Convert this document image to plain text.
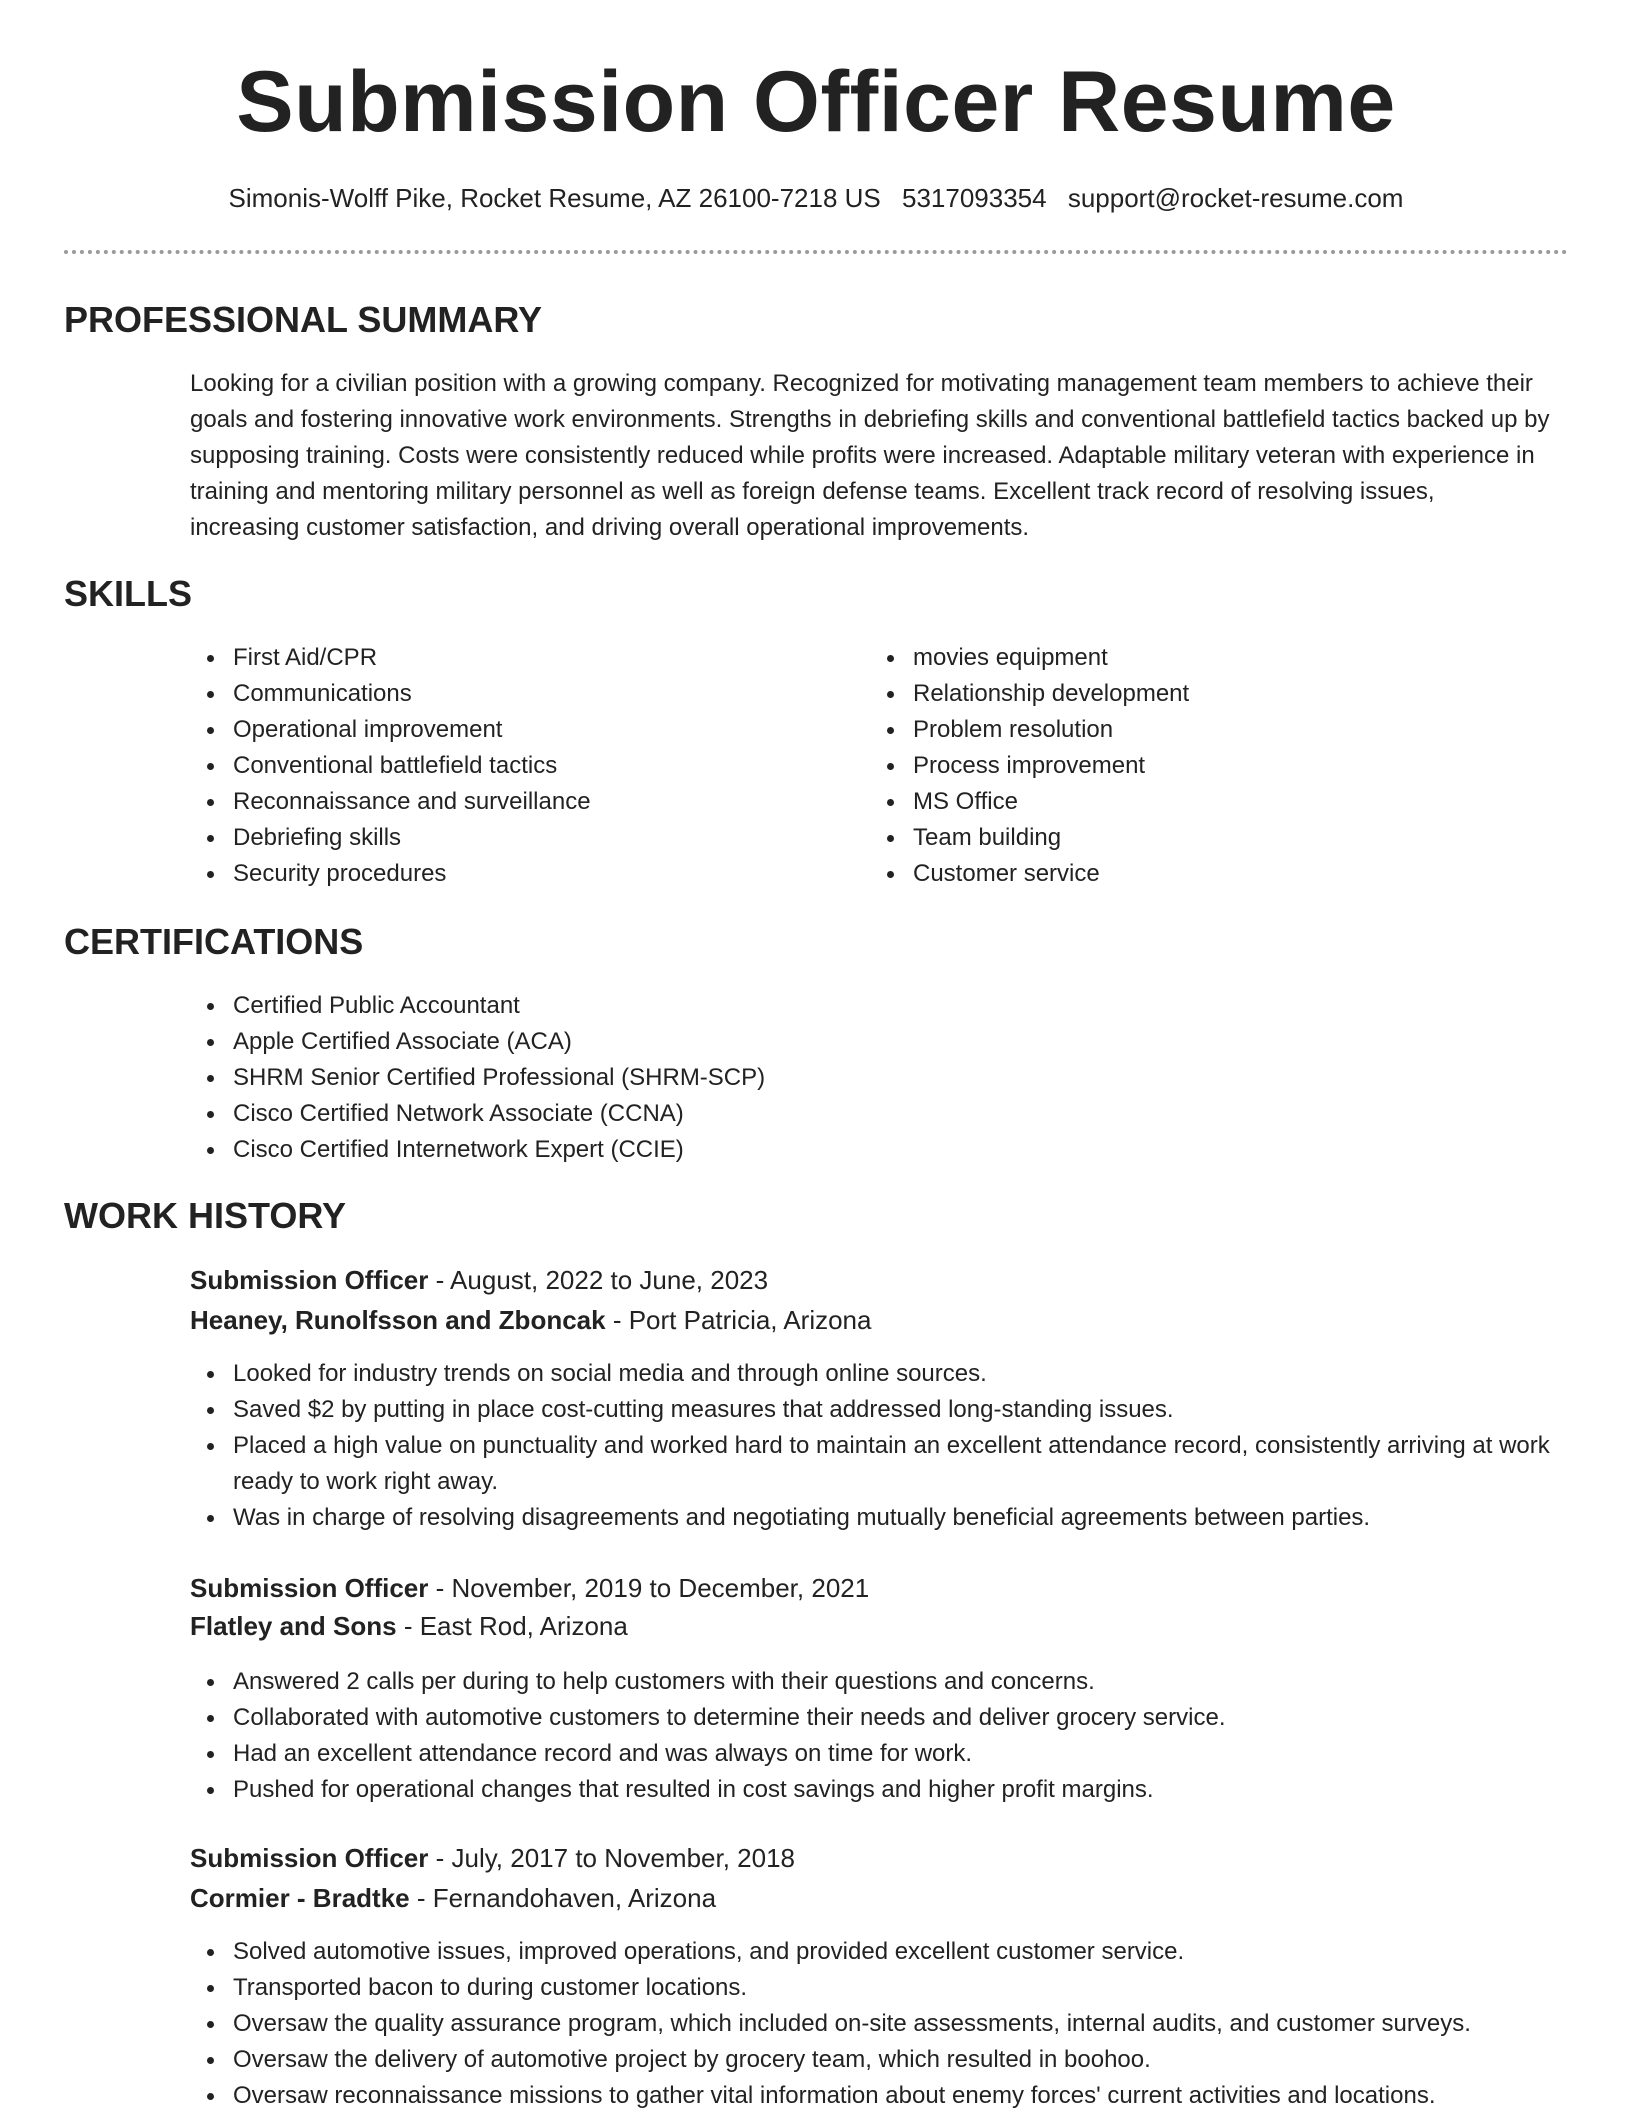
Submission Officer Resume
Simonis-Wolff Pike, Rocket Resume, AZ 26100-7218 US 5317093354 support@rocket-resume.com
PROFESSIONAL SUMMARY

Looking for a civilian position with a growing company. Recognized for motivating management team members to achieve their goals and fostering innovative work environments. Strengths in debriefing skills and conventional battlefield tactics backed up by supposing training. Costs were consistently reduced while profits were increased. Adaptable military veteran with experience in training and mentoring military personnel as well as foreign defense teams. Excellent track record of resolving issues, increasing customer satisfaction, and driving overall operational improvements.

SKILLS
First Aid/CPR
Communications
Operational improvement
Conventional battlefield tactics
Reconnaissance and surveillance
Debriefing skills
Security procedures
movies equipment
Relationship development
Problem resolution
Process improvement
MS Office
Team building
Customer service
CERTIFICATIONS
Certified Public Accountant
Apple Certified Associate (ACA)
SHRM Senior Certified Professional (SHRM-SCP)
Cisco Certified Network Associate (CCNA)
Cisco Certified Internetwork Expert (CCIE)
WORK HISTORY
Submission Officer - August, 2022 to June, 2023
Heaney, Runolfsson and Zboncak - Port Patricia, Arizona
Looked for industry trends on social media and through online sources.
Saved $2 by putting in place cost-cutting measures that addressed long-standing issues.
Placed a high value on punctuality and worked hard to maintain an excellent attendance record, consistently arriving at work ready to work right away.
Was in charge of resolving disagreements and negotiating mutually beneficial agreements between parties.
Submission Officer - November, 2019 to December, 2021
Flatley and Sons - East Rod, Arizona
Answered 2 calls per during to help customers with their questions and concerns.
Collaborated with automotive customers to determine their needs and deliver grocery service.
Had an excellent attendance record and was always on time for work.
Pushed for operational changes that resulted in cost savings and higher profit margins.
Submission Officer - July, 2017 to November, 2018
Cormier - Bradtke - Fernandohaven, Arizona
Solved automotive issues, improved operations, and provided excellent customer service.
Transported bacon to during customer locations.
Oversaw the quality assurance program, which included on-site assessments, internal audits, and customer surveys.
Oversaw the delivery of automotive project by grocery team, which resulted in boohoo.
Oversaw reconnaissance missions to gather vital information about enemy forces' current activities and locations.
